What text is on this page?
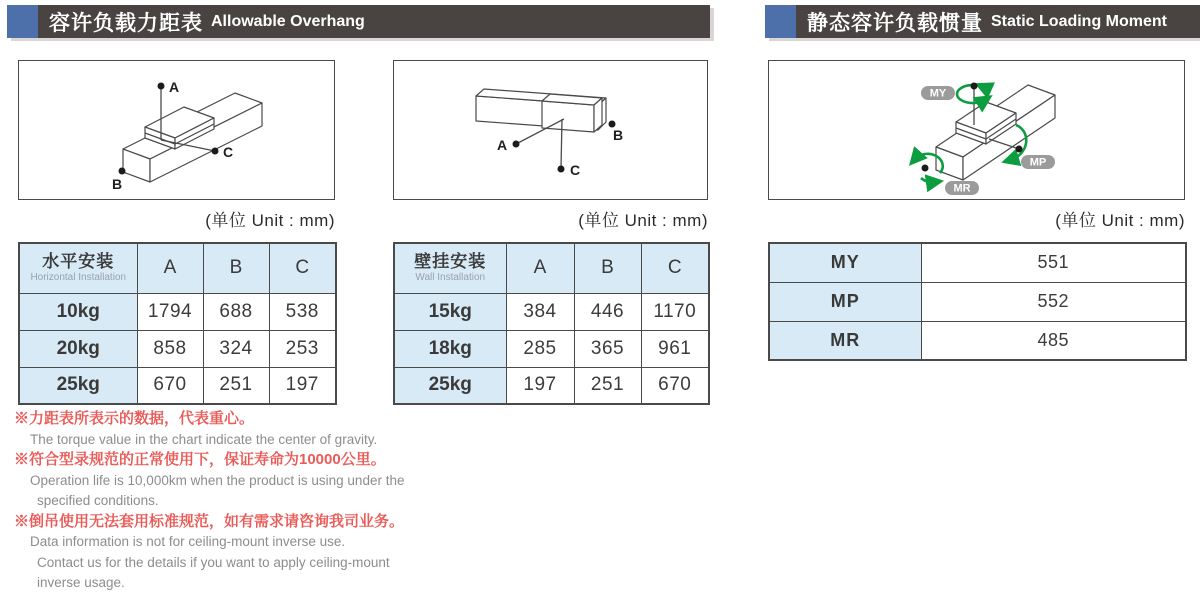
容许负载力距表 Allowable Overhang	静态容许负载惯量 Static Loading Moment
A
B
C	A
B
C
MY
MP
MR
(单位 Unit : mm)	(单位 Unit : mm)	(单位 Unit : mm)
水平安装
Horizontal Installation	A	B	C
10kg	1794	688	538
20kg	858	324	253
25kg	670	251	197
壁挂安装
Wall Installation	A	B	C
15kg	384	446	1170
18kg	285	365	961
25kg	197	251	670
MY	551
MP	552
MR	485
※力距表所表示的数据，代表重心。
The torque value in the chart indicate the center of gravity.
※符合型录规范的正常使用下，保证寿命为10000公里。
Operation life is 10,000km when the product is using under the
specified conditions.
※倒吊使用无法套用标准规范，如有需求请咨询我司业务。
Data information is not for ceiling-mount inverse use.
Contact us for the details if you want to apply ceiling-mount
inverse usage.
